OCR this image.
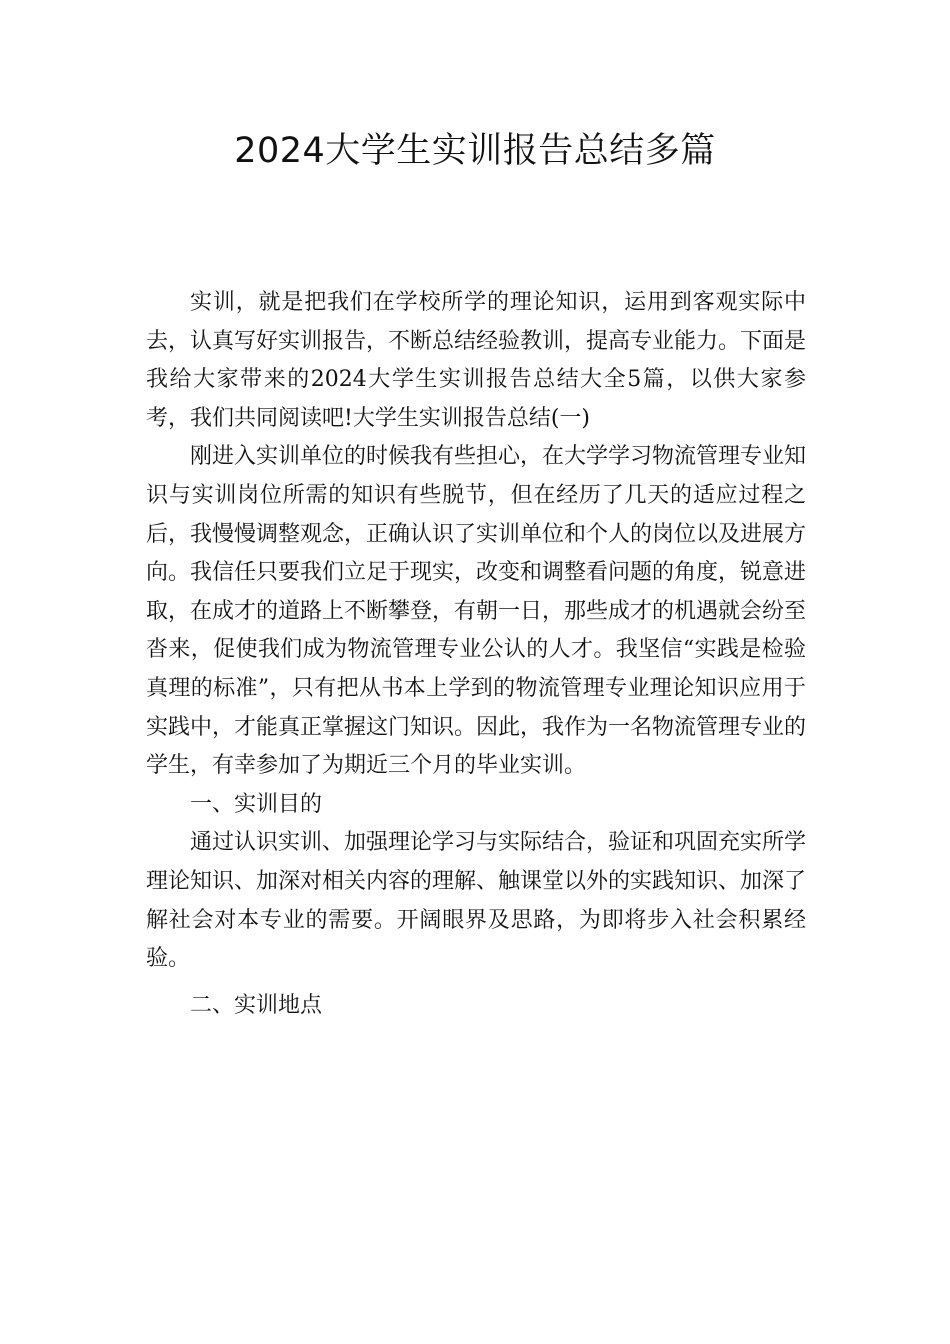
2024大学生实训报告总结多篇

实训，就是把我们在学校所学的理论知识，运用到客观实际中去，认真写好实训报告，不断总结经验教训，提高专业能力。下面是我给大家带来的2024大学生实训报告总结大全5篇，以供大家参考，我们共同阅读吧!大学生实训报告总结(一)

刚进入实训单位的时候我有些担心，在大学学习物流管理专业知识与实训岗位所需的知识有些脱节，但在经历了几天的适应过程之后，我慢慢调整观念，正确认识了实训单位和个人的岗位以及进展方向。我信任只要我们立足于现实，改变和调整看问题的角度，锐意进取，在成才的道路上不断攀登，有朝一日，那些成才的机遇就会纷至沓来，促使我们成为物流管理专业公认的人才。我坚信“实践是检验真理的标准”，只有把从书本上学到的物流管理专业理论知识应用于实践中，才能真正掌握这门知识。因此，我作为一名物流管理专业的学生，有幸参加了为期近三个月的毕业实训。

一、实训目的

通过认识实训、加强理论学习与实际结合，验证和巩固充实所学理论知识、加深对相关内容的理解、触课堂以外的实践知识、加深了解社会对本专业的需要。开阔眼界及思路，为即将步入社会积累经验。

二、实训地点
